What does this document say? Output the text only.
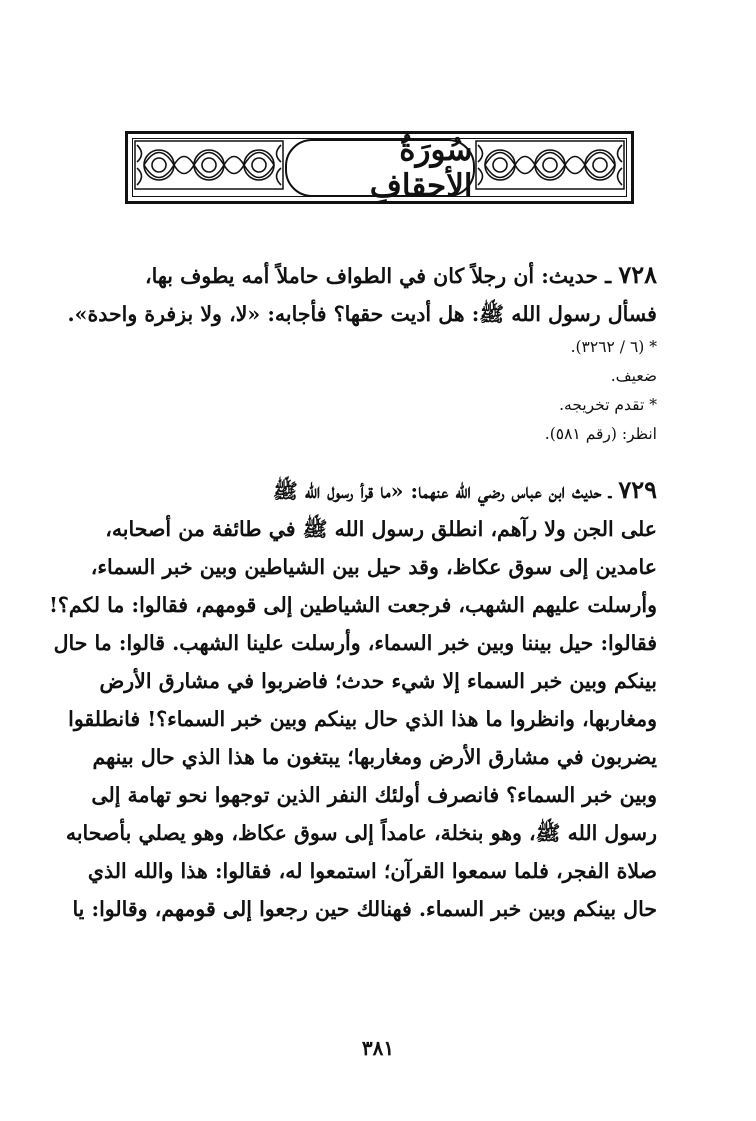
سُورَةُ الأحقافِ
٧٢٨ ـ حديث: أن رجلاً كان في الطواف حاملاً أمه يطوف بها،
فسأل رسول الله ﷺ: هل أديت حقها؟ فأجابه: «لا، ولا بزفرة واحدة».
* (٦ / ٣٢٦٢).
ضعيف.
* تقدم تخريجه.
انظر: (رقم ٥٨١).
٧٢٩ ـ حديث ابن عباس رضي الله عنهما: «ما قرأ رسول الله ﷺ
على الجن ولا رآهم، انطلق رسول الله ﷺ في طائفة من أصحابه،
عامدين إلى سوق عكاظ، وقد حيل بين الشياطين وبين خبر السماء،
وأرسلت عليهم الشهب، فرجعت الشياطين إلى قومهم، فقالوا: ما لكم؟!
فقالوا: حيل بيننا وبين خبر السماء، وأرسلت علينا الشهب. قالوا: ما حال
بينكم وبين خبر السماء إلا شيء حدث؛ فاضربوا في مشارق الأرض
ومغاربها، وانظروا ما هذا الذي حال بينكم وبين خبر السماء؟! فانطلقوا
يضربون في مشارق الأرض ومغاربها؛ يبتغون ما هذا الذي حال بينهم
وبين خبر السماء؟ فانصرف أولئك النفر الذين توجهوا نحو تهامة إلى
رسول الله ﷺ، وهو بنخلة، عامداً إلى سوق عكاظ، وهو يصلي بأصحابه
صلاة الفجر، فلما سمعوا القرآن؛ استمعوا له، فقالوا: هذا والله الذي
حال بينكم وبين خبر السماء. فهنالك حين رجعوا إلى قومهم، وقالوا: يا
٣٨١
